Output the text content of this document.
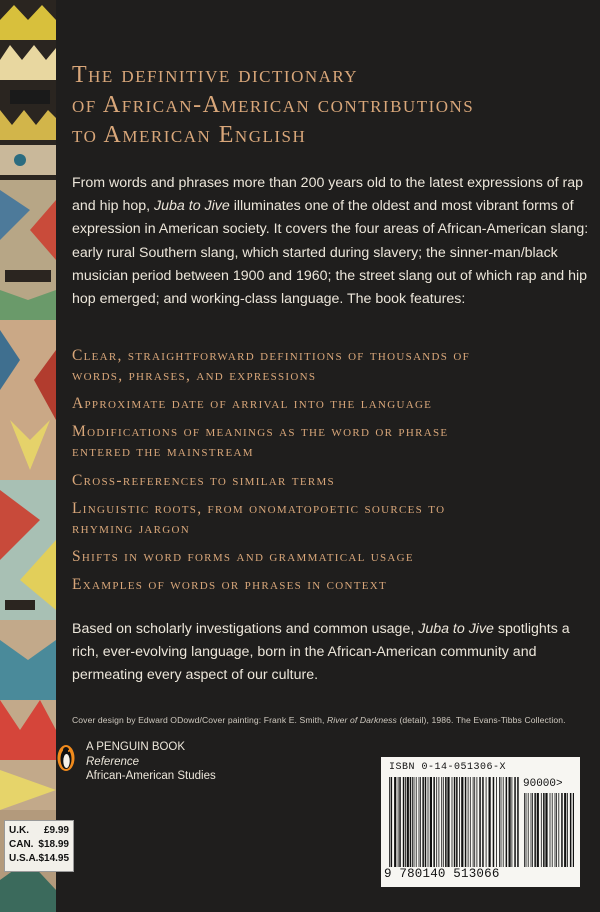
The definitive dictionary
of African-American contributions
to American English

From words and phrases more than 200 years old to the latest expressions of rap and hip hop, Juba to Jive illuminates one of the oldest and most vibrant forms of expression in American society. It covers the four areas of African-American slang: early rural Southern slang, which started during slavery; the sinner-man/black musician period between 1900 and 1960; the street slang out of which rap and hip hop emerged; and working-class language. The book features:

Clear, straightforward definitions of thousands of
words, phrases, and expressions
Approximate date of arrival into the language
Modifications of meanings as the word or phrase
entered the mainstream
Cross-references to similar terms
Linguistic roots, from onomatopoetic sources to
rhyming jargon
Shifts in word forms and grammatical usage
Examples of words or phrases in context

Based on scholarly investigations and common usage, Juba to Jive spotlights a rich, ever-evolving language, born in the African-American community and permeating every aspect of our culture.

Cover design by Edward ODowd/Cover painting: Frank E. Smith, River of Darkness (detail), 1986. The Evans-Tibbs Collection.
A PENGUIN BOOK
Reference
African-American Studies
U.K. £9.99
CAN. $18.99
U.S.A. $14.95
ISBN 0-14-051306-X
90000>
9 780140 513066
